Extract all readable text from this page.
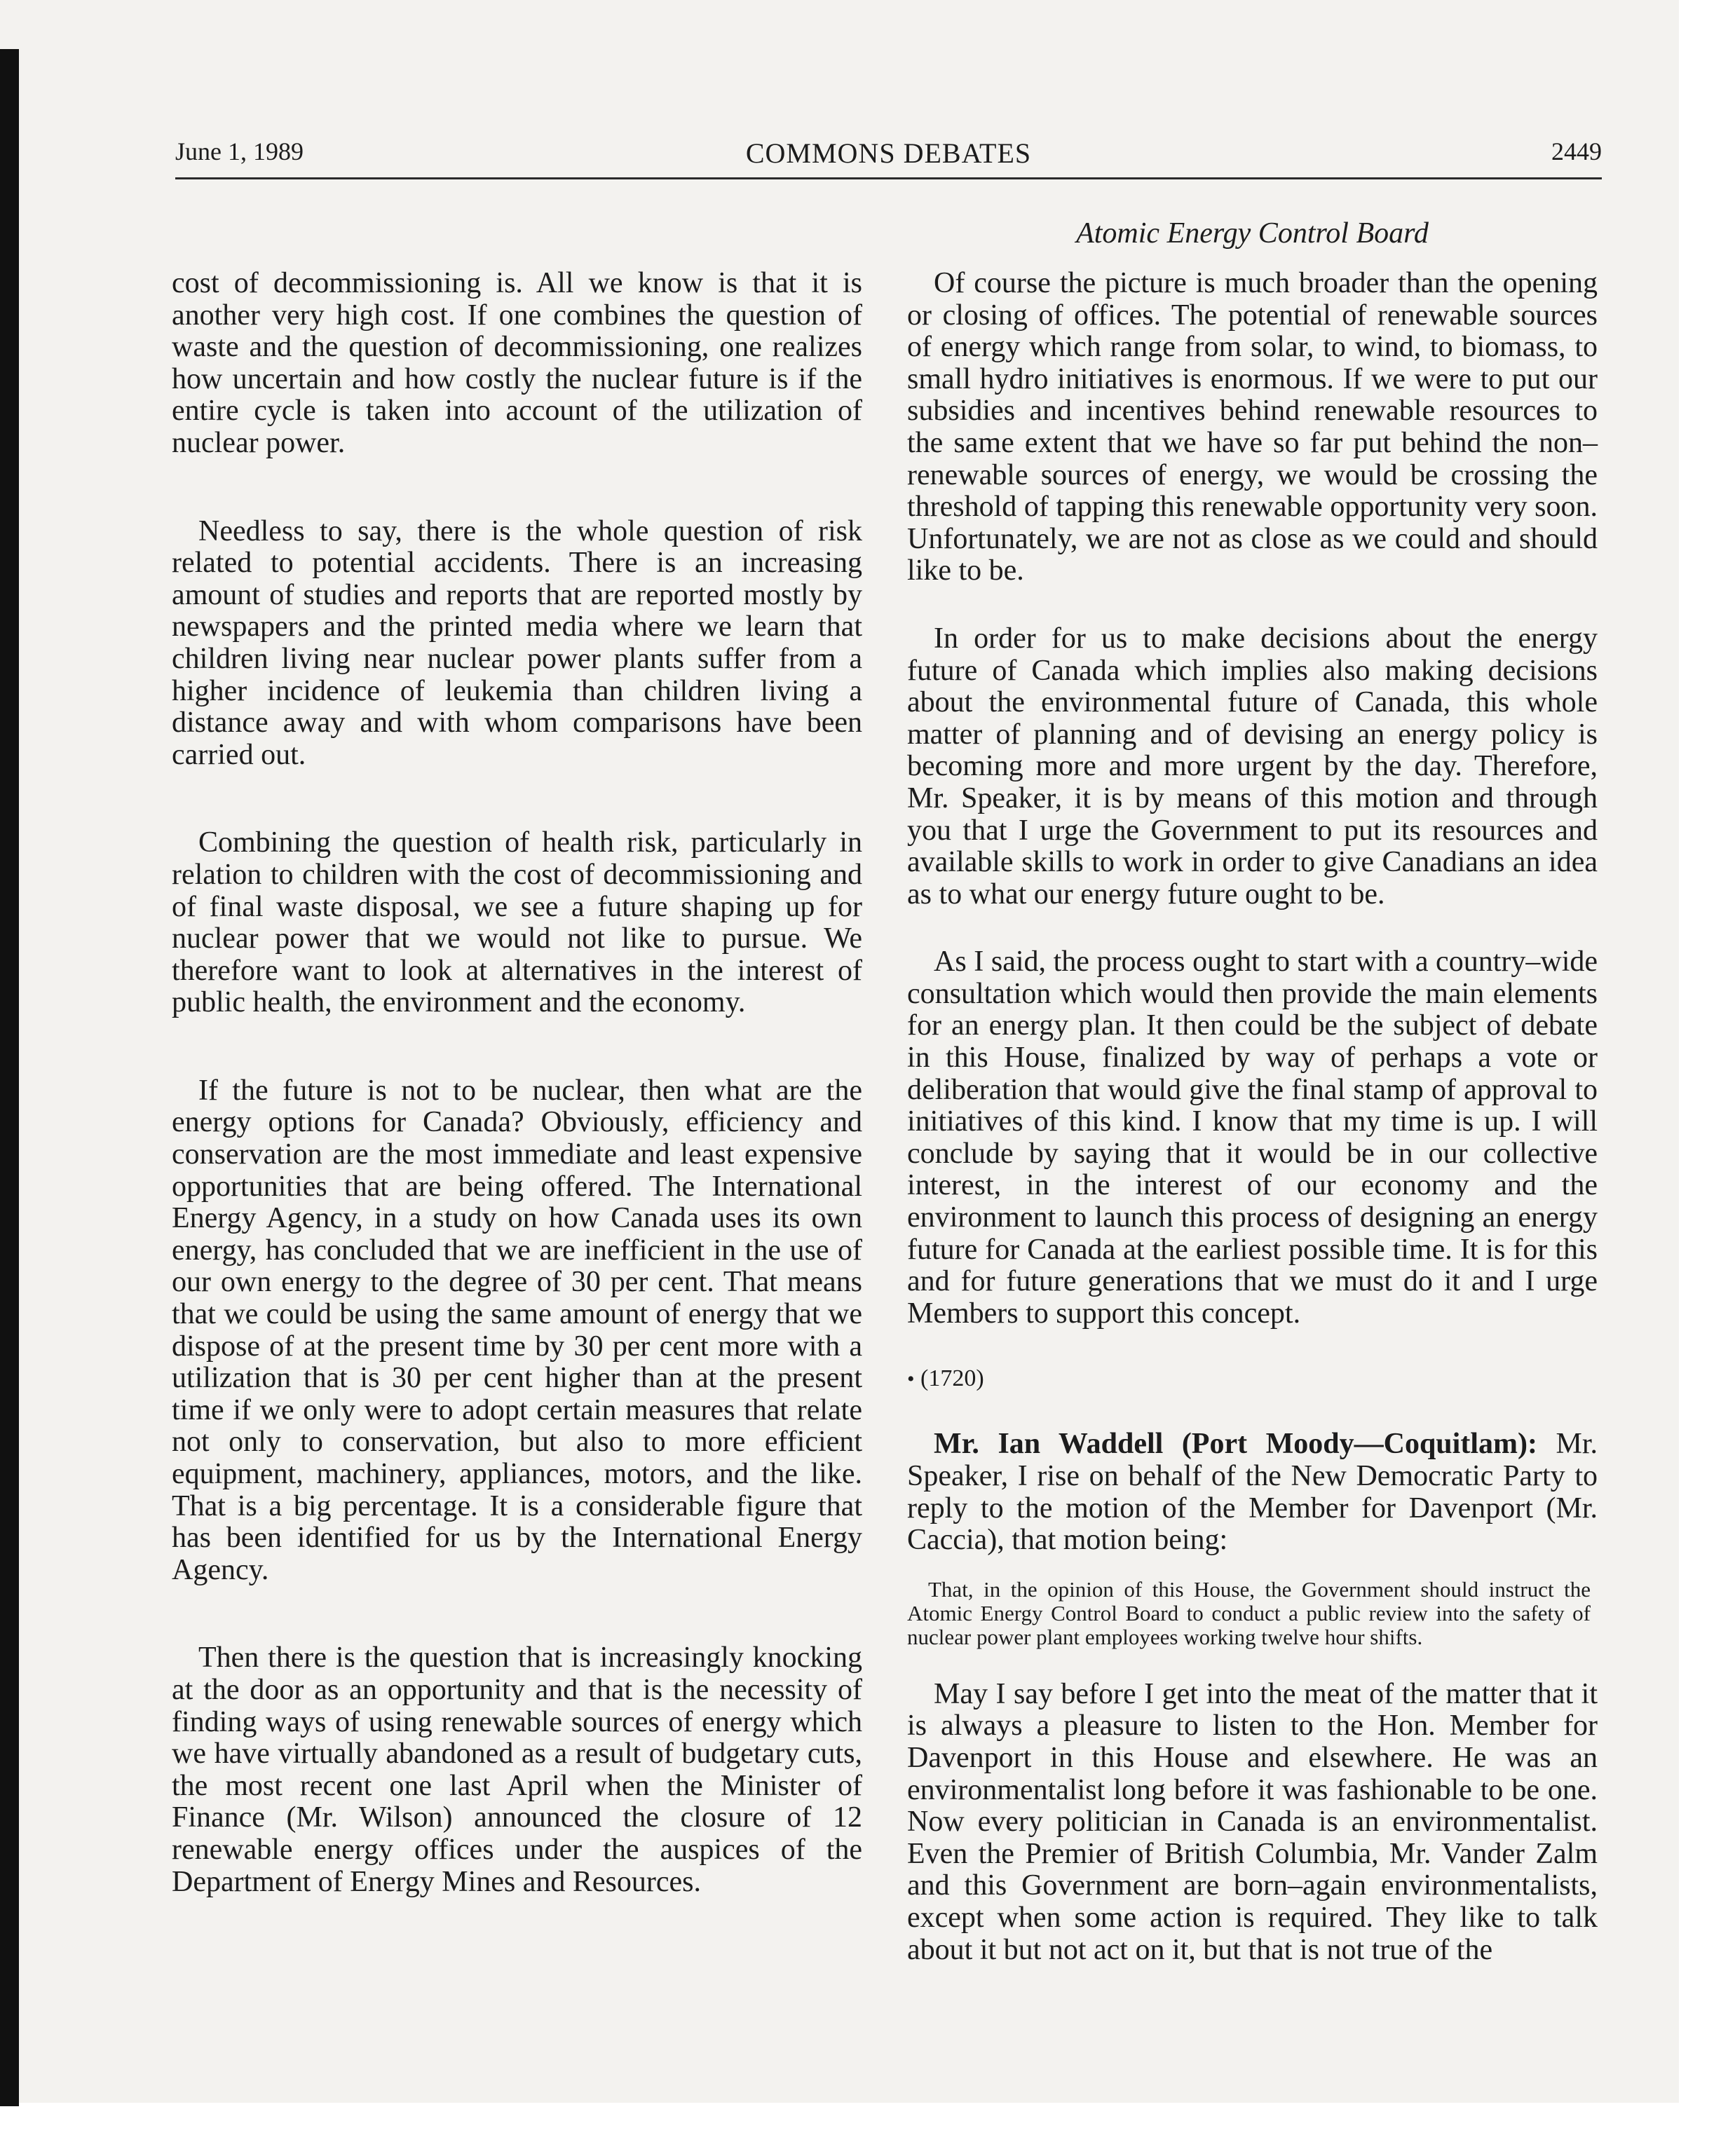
June 1, 1989	COMMONS DEBATES	2449
Atomic Energy Control Board

cost of decommissioning is. All we know is that it is another very high cost. If one combines the question of waste and the question of decommissioning, one realizes how uncertain and how costly the nuclear future is if the entire cycle is taken into account of the utilization of nuclear power.

Needless to say, there is the whole question of risk related to potential accidents. There is an increasing amount of studies and reports that are reported mostly by newspapers and the printed media where we learn that children living near nuclear power plants suffer from a higher incidence of leukemia than children living a distance away and with whom comparisons have been carried out.

Combining the question of health risk, particularly in relation to children with the cost of decommissioning and of final waste disposal, we see a future shaping up for nuclear power that we would not like to pursue. We therefore want to look at alternatives in the interest of public health, the environment and the economy.

If the future is not to be nuclear, then what are the energy options for Canada? Obviously, efficiency and conservation are the most immediate and least expensive opportunities that are being offered. The International Energy Agency, in a study on how Canada uses its own energy, has concluded that we are inefficient in the use of our own energy to the degree of 30 per cent. That means that we could be using the same amount of energy that we dispose of at the present time by 30 per cent more with a utilization that is 30 per cent higher than at the present time if we only were to adopt certain measures that relate not only to conservation, but also to more efficient equipment, machinery, appliances, motors, and the like. That is a big percentage. It is a considerable figure that has been identified for us by the International Energy Agency.

Then there is the question that is increasingly knocking at the door as an opportunity and that is the necessity of finding ways of using renewable sources of energy which we have virtually abandoned as a result of budgetary cuts, the most recent one last April when the Minister of Finance (Mr. Wilson) announced the closure of 12 renewable energy offices under the auspices of the Department of Energy Mines and Resources.

Of course the picture is much broader than the opening or closing of offices. The potential of renewable sources of energy which range from solar, to wind, to biomass, to small hydro initiatives is enormous. If we were to put our subsidies and incentives behind renewable resources to the same extent that we have so far put behind the non–renewable sources of energy, we would be crossing the threshold of tapping this renewable opportunity very soon. Unfortunately, we are not as close as we could and should like to be.

In order for us to make decisions about the energy future of Canada which implies also making decisions about the environmental future of Canada, this whole matter of planning and of devising an energy policy is becoming more and more urgent by the day. Therefore, Mr. Speaker, it is by means of this motion and through you that I urge the Government to put its resources and available skills to work in order to give Canadians an idea as to what our energy future ought to be.

As I said, the process ought to start with a country–wide consultation which would then provide the main elements for an energy plan. It then could be the subject of debate in this House, finalized by way of perhaps a vote or deliberation that would give the final stamp of approval to initiatives of this kind. I know that my time is up. I will conclude by saying that it would be in our collective interest, in the interest of our economy and the environment to launch this process of designing an energy future for Canada at the earliest possible time. It is for this and for future generations that we must do it and I urge Members to support this concept.

• (1720)

Mr. Ian Waddell (Port Moody—Coquitlam): Mr. Speaker, I rise on behalf of the New Democratic Party to reply to the motion of the Member for Davenport (Mr. Caccia), that motion being:

That, in the opinion of this House, the Government should instruct the Atomic Energy Control Board to conduct a public review into the safety of nuclear power plant employees working twelve hour shifts.

May I say before I get into the meat of the matter that it is always a pleasure to listen to the Hon. Member for Davenport in this House and elsewhere. He was an environmentalist long before it was fashionable to be one. Now every politician in Canada is an environmentalist. Even the Premier of British Columbia, Mr. Vander Zalm and this Government are born–again environmentalists, except when some action is required. They like to talk about it but not act on it, but that is not true of the
